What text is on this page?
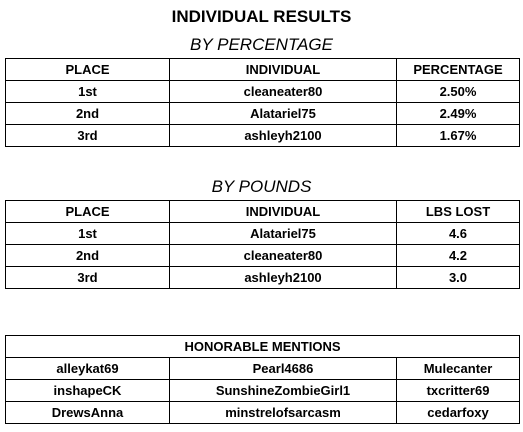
INDIVIDUAL RESULTS
BY PERCENTAGE
PLACE	INDIVIDUAL	PERCENTAGE
1st	cleaneater80	2.50%
2nd	Alatariel75	2.49%
3rd	ashleyh2100	1.67%
BY POUNDS
PLACE	INDIVIDUAL	LBS LOST
1st	Alatariel75	4.6
2nd	cleaneater80	4.2
3rd	ashleyh2100	3.0
HONORABLE MENTIONS		
alleykat69	Pearl4686	Mulecanter
inshapeCK	SunshineZombieGirl1	txcritter69
DrewsAnna	minstrelofsarcasm	cedarfoxy
